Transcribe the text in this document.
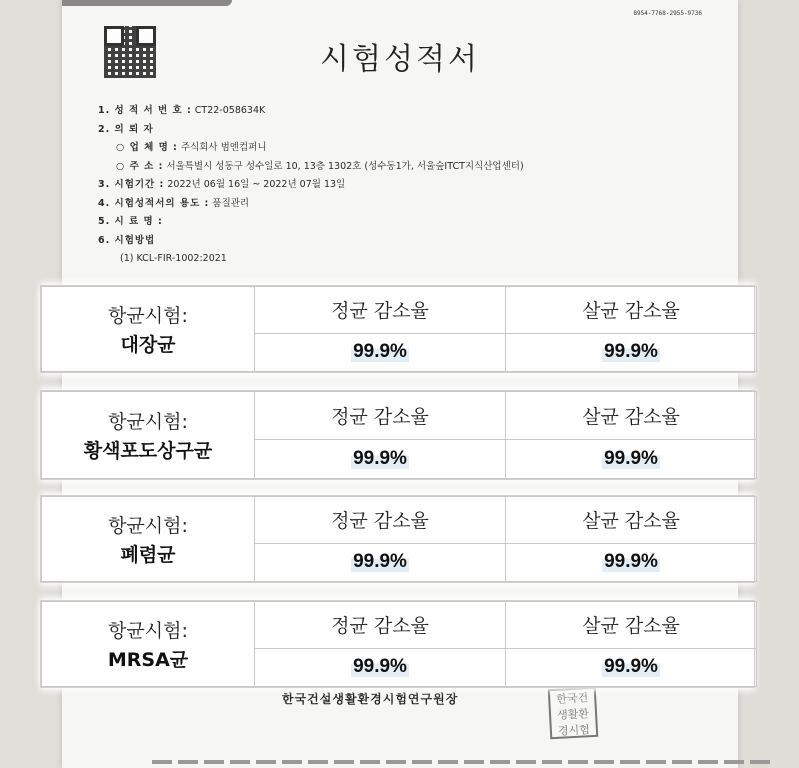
8954-7768-2955-9736
시험성적서
1. 성 적 서 번 호 : CT22-058634K
2. 의 뢰 자
○ 업 체 명 : 주식회사 범엔컴퍼니
○ 주 소 : 서울특별시 성동구 성수일로 10, 13층 1302호 (성수동1가, 서울숲ITCT지식산업센터)
3. 시험기간 : 2022년 06월 16일 ~ 2022년 07월 13일
4. 시험성적서의 용도 : 품질관리
5. 시 료 명 :
6. 시험방법
(1) KCL-FIR-1002:2021
한국건설생활환경시험연구원장	한국건
생활환
경시험
항균시험:
대장균	정균 감소율	살균 감소율
	99.9%	99.9%
항균시험:
황색포도상구균	정균 감소율	살균 감소율
	99.9%	99.9%
항균시험:
폐렴균	정균 감소율	살균 감소율
	99.9%	99.9%
항균시험:
MRSA균	정균 감소율	살균 감소율
	99.9%	99.9%
